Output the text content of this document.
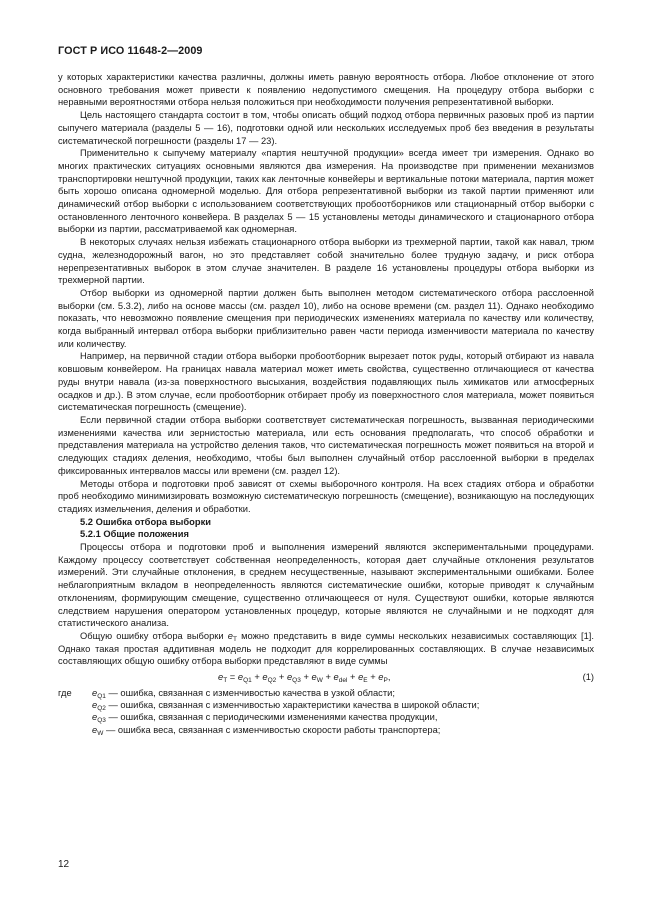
ГОСТ Р ИСО 11648-2—2009

у которых характеристики качества различны, должны иметь равную вероятность отбора. Любое отклонение от этого основного требования может привести к появлению недопустимого смещения. На процедуру отбора выборки с неравными вероятностями отбора нельзя положиться при необходимости получения репрезентативной выборки.

Цель настоящего стандарта состоит в том, чтобы описать общий подход отбора первичных разовых проб из партии сыпучего материала (разделы 5 — 16), подготовки одной или нескольких исследуемых проб без введения в результаты систематической погрешности (разделы 17 — 23).

Применительно к сыпучему материалу «партия нештучной продукции» всегда имеет три измерения. Однако во многих практических ситуациях основными являются два измерения. На производстве при применении механизмов транспортировки нештучной продукции, таких как ленточные конвейеры и вертикальные потоки материала, партия может быть хорошо описана одномерной моделью. Для отбора репрезентативной выборки из такой партии применяют или динамический отбор выборки с использованием соответствующих пробоотборников или стационарный отбор выборки с остановленного ленточного конвейера. В разделах 5 — 15 установлены методы динамического и стационарного отбора выборки из партии, рассматриваемой как одномерная.

В некоторых случаях нельзя избежать стационарного отбора выборки из трехмерной партии, такой как навал, трюм судна, железнодорожный вагон, но это представляет собой значительно более трудную задачу, и риск отбора нерепрезентативных выборок в этом случае значителен. В разделе 16 установлены процедуры отбора выборки из трехмерной партии.

Отбор выборки из одномерной партии должен быть выполнен методом систематического отбора расслоенной выборки (см. 5.3.2), либо на основе массы (см. раздел 10), либо на основе времени (см. раздел 11). Однако необходимо показать, что невозможно появление смещения при периодических изменениях материала по качеству или количеству, когда выбранный интервал отбора выборки приблизительно равен части периода изменчивости материала по качеству или количеству.

Например, на первичной стадии отбора выборки пробоотборник вырезает поток руды, который отбирают из навала ковшовым конвейером. На границах навала материал может иметь свойства, существенно отличающиеся от качества руды внутри навала (из-за поверхностного высыхания, воздействия подавляющих пыль химикатов или атмосферных осадков и др.). В этом случае, если пробоотборник отбирает пробу из поверхностного слоя материала, может появиться систематическая погрешность (смещение).

Если первичной стадии отбора выборки соответствует систематическая погрешность, вызванная периодическими изменениями качества или зернистостью материала, или есть основания предполагать, что способ обработки и представления материала на устройство деления таков, что систематическая погрешность может появиться на второй и следующих стадиях деления, необходимо, чтобы был выполнен случайный отбор расслоенной выборки в пределах фиксированных интервалов массы или времени (см. раздел 12).

Методы отбора и подготовки проб зависят от схемы выборочного контроля. На всех стадиях отбора и обработки проб необходимо минимизировать возможную систематическую погрешность (смещение), возникающую на последующих стадиях измельчения, деления и обработки.

5.2 Ошибка отбора выборки

5.2.1 Общие положения

Процессы отбора и подготовки проб и выполнения измерений являются экспериментальными процедурами. Каждому процессу соответствует собственная неопределенность, которая дает случайные отклонения результатов измерений. Эти случайные отклонения, в среднем несущественные, называют экспериментальными ошибками. Более неблагоприятным вкладом в неопределенность являются систематические ошибки, которые приводят к случайным отклонениям, формирующим смещение, существенно отличающееся от нуля. Существуют ошибки, которые являются следствием нарушения оператором установленных процедур, которые являются не случайными и не подходят для статистического анализа.

Общую ошибку отбора выборки $e_T$ можно представить в виде суммы нескольких независимых составляющих [1]. Однако такая простая аддитивная модель не подходит для коррелированных составляющих. В случае независимых составляющих общую ошибку отбора выборки представляют в виде суммы

$e_T = e_{Q1} + e_{Q2} + e_{Q3} + e_W + e_{del} + e_E + e_P$,	(1)
где	$e_{Q1}$ — ошибка, связанная с изменчивостью качества в узкой области;
$e_{Q2}$ — ошибка, связанная с изменчивостью характеристики качества в широкой области;
$e_{Q3}$ — ошибка, связанная с периодическими изменениями качества продукции,
$e_W$ — ошибка веса, связанная с изменчивостью скорости работы транспортера;
12
